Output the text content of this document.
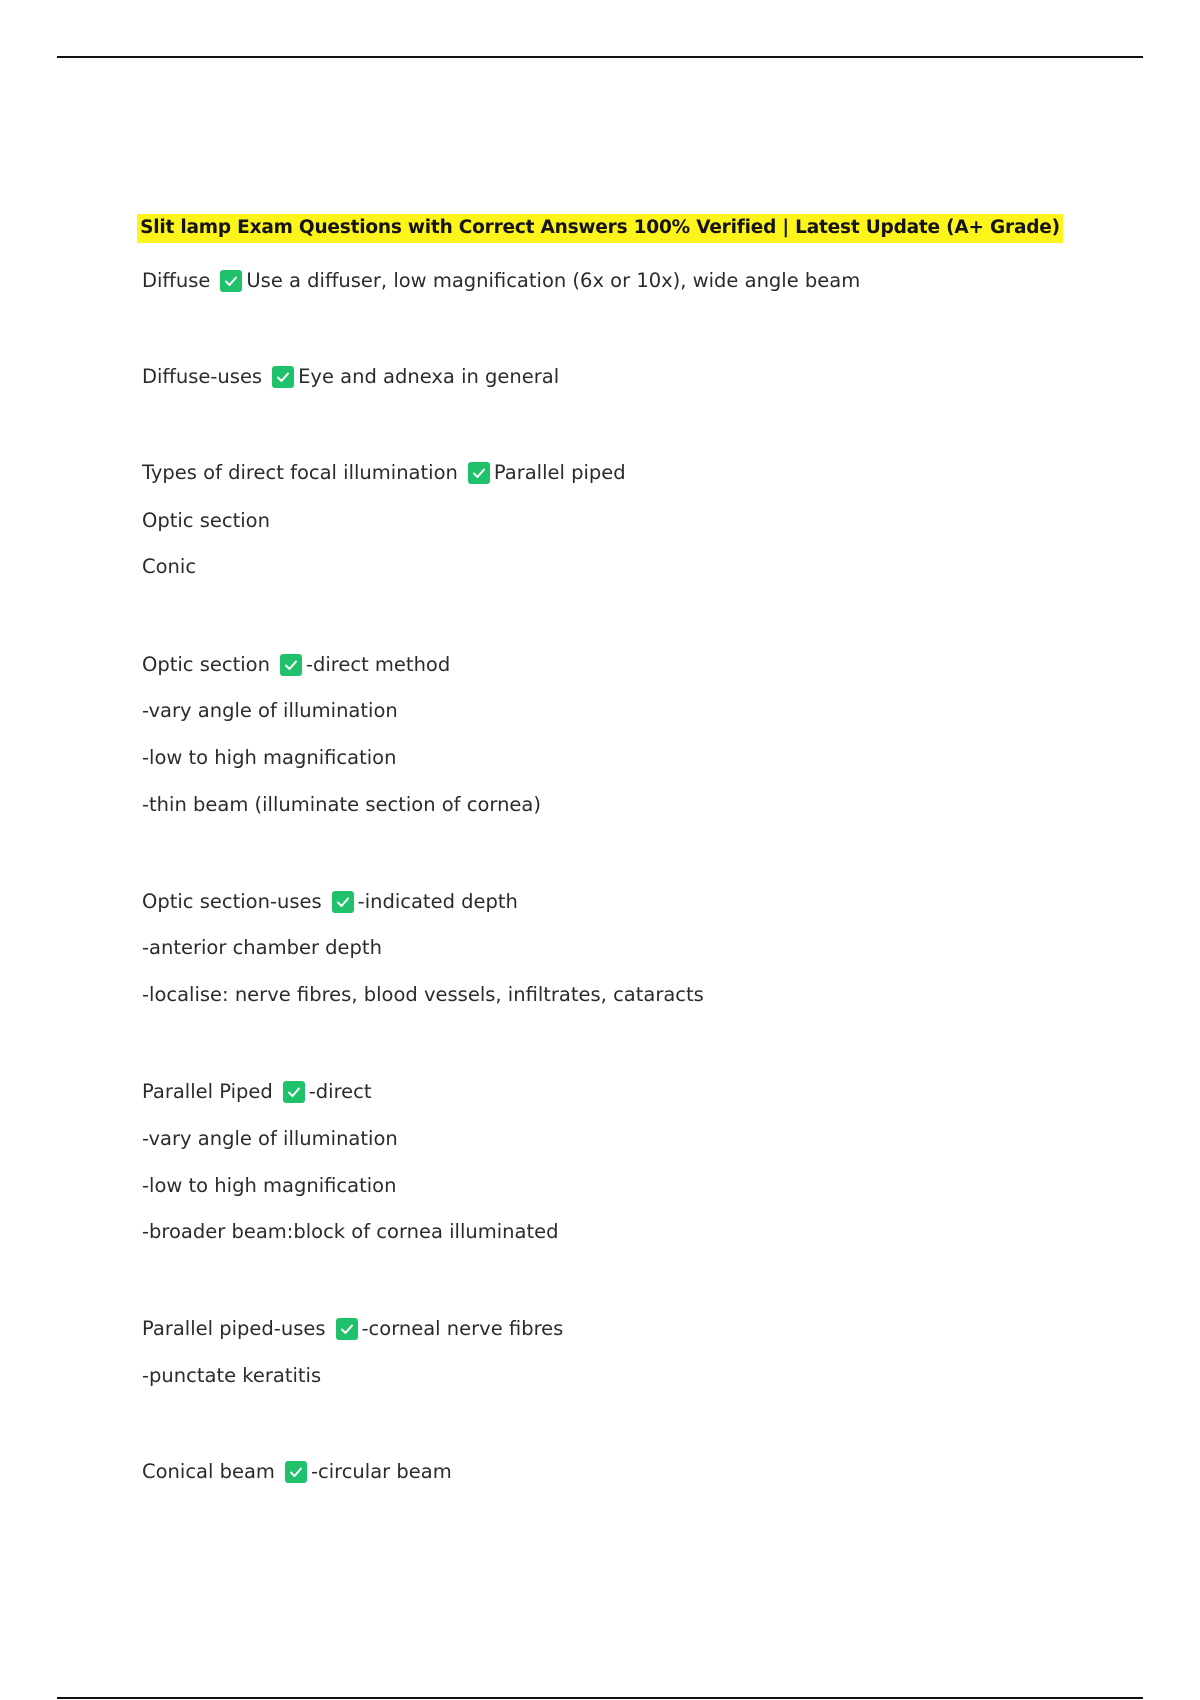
Slit lamp Exam Questions with Correct Answers 100% Verified | Latest Update (A+ Grade)
Diffuse Use a diffuser, low magnification (6x or 10x), wide angle beam
Diffuse-uses Eye and adnexa in general
Types of direct focal illumination Parallel piped
Optic section
Conic
Optic section -direct method
-vary angle of illumination
-low to high magnification
-thin beam (illuminate section of cornea)
Optic section-uses -indicated depth
-anterior chamber depth
-localise: nerve fibres, blood vessels, infiltrates, cataracts
Parallel Piped -direct
-vary angle of illumination
-low to high magnification
-broader beam:block of cornea illuminated
Parallel piped-uses -corneal nerve fibres
-punctate keratitis
Conical beam -circular beam
